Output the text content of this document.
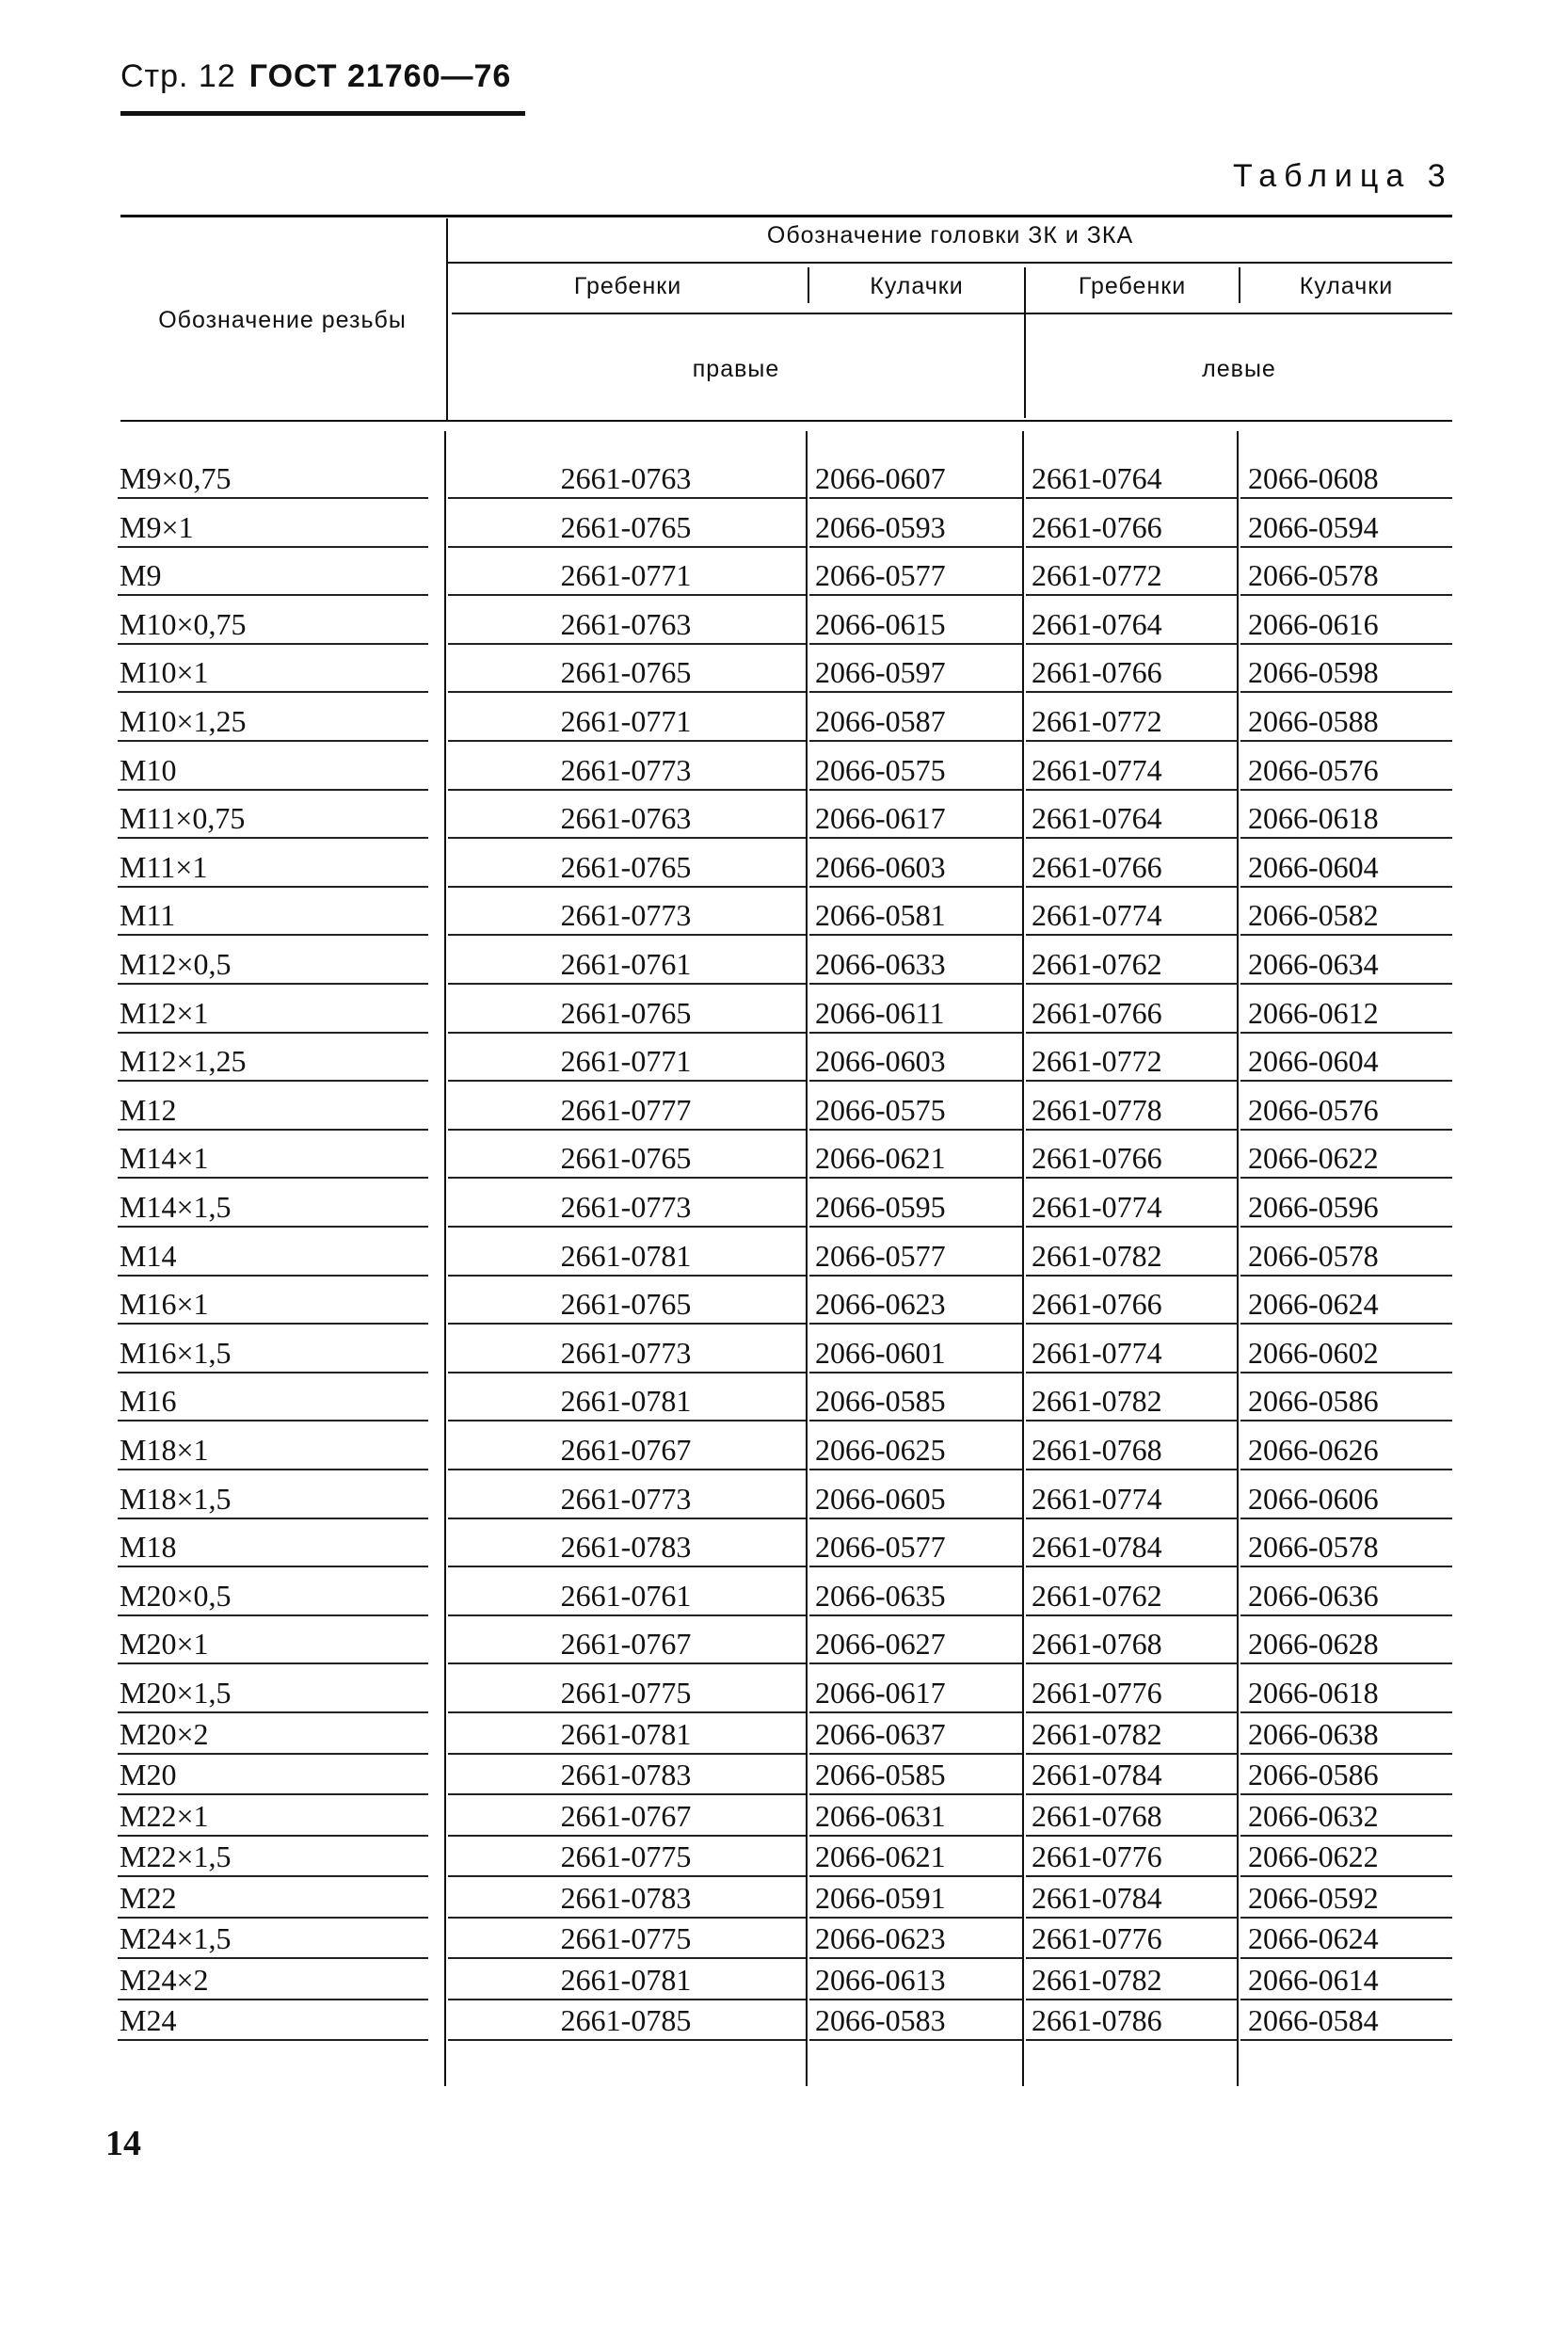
Стр. 12 ГОСТ 21760—76
Таблица 3
Обозначение резьбы
Обозначение головки ЗК и ЗКА
Гребенки	Кулачки	Гребенки	Кулачки
правые	левые
М9×0,75	2661-0763	2066-0607	2661-0764	2066-0608
М9×1	2661-0765	2066-0593	2661-0766	2066-0594
М9	2661-0771	2066-0577	2661-0772	2066-0578
М10×0,75	2661-0763	2066-0615	2661-0764	2066-0616
М10×1	2661-0765	2066-0597	2661-0766	2066-0598
М10×1,25	2661-0771	2066-0587	2661-0772	2066-0588
М10	2661-0773	2066-0575	2661-0774	2066-0576
М11×0,75	2661-0763	2066-0617	2661-0764	2066-0618
М11×1	2661-0765	2066-0603	2661-0766	2066-0604
М11	2661-0773	2066-0581	2661-0774	2066-0582
М12×0,5	2661-0761	2066-0633	2661-0762	2066-0634
М12×1	2661-0765	2066-0611	2661-0766	2066-0612
М12×1,25	2661-0771	2066-0603	2661-0772	2066-0604
М12	2661-0777	2066-0575	2661-0778	2066-0576
М14×1	2661-0765	2066-0621	2661-0766	2066-0622
М14×1,5	2661-0773	2066-0595	2661-0774	2066-0596
М14	2661-0781	2066-0577	2661-0782	2066-0578
М16×1	2661-0765	2066-0623	2661-0766	2066-0624
М16×1,5	2661-0773	2066-0601	2661-0774	2066-0602
М16	2661-0781	2066-0585	2661-0782	2066-0586
М18×1	2661-0767	2066-0625	2661-0768	2066-0626
М18×1,5	2661-0773	2066-0605	2661-0774	2066-0606
М18	2661-0783	2066-0577	2661-0784	2066-0578
М20×0,5	2661-0761	2066-0635	2661-0762	2066-0636
М20×1	2661-0767	2066-0627	2661-0768	2066-0628
М20×1,5	2661-0775	2066-0617	2661-0776	2066-0618
М20×2	2661-0781	2066-0637	2661-0782	2066-0638
М20	2661-0783	2066-0585	2661-0784	2066-0586
М22×1	2661-0767	2066-0631	2661-0768	2066-0632
М22×1,5	2661-0775	2066-0621	2661-0776	2066-0622
М22	2661-0783	2066-0591	2661-0784	2066-0592
М24×1,5	2661-0775	2066-0623	2661-0776	2066-0624
М24×2	2661-0781	2066-0613	2661-0782	2066-0614
М24	2661-0785	2066-0583	2661-0786	2066-0584
14
